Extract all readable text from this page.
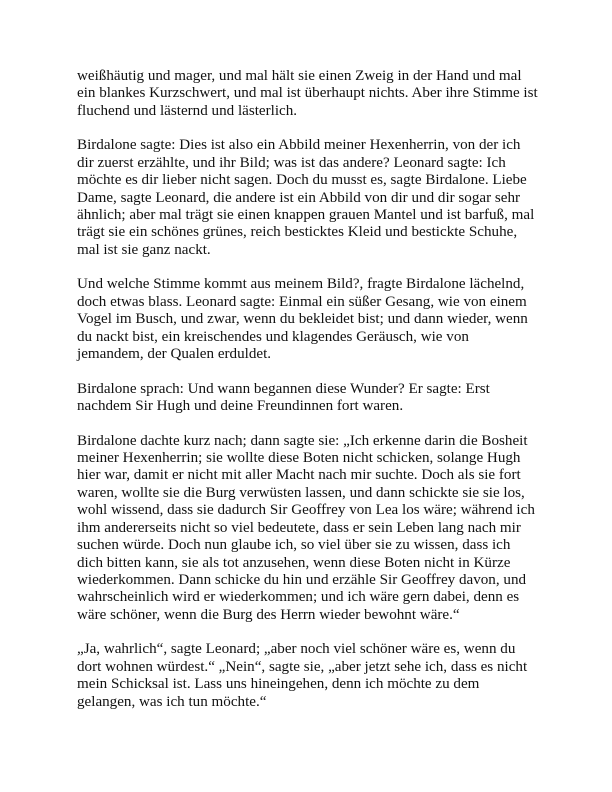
weißhäutig und mager, und mal hält sie einen Zweig in der Hand und mal
ein blankes Kurzschwert, und mal ist überhaupt nichts. Aber ihre Stimme ist
fluchend und lästernd und lästerlich.

Birdalone sagte: Dies ist also ein Abbild meiner Hexenherrin, von der ich
dir zuerst erzählte, und ihr Bild; was ist das andere? Leonard sagte: Ich
möchte es dir lieber nicht sagen. Doch du musst es, sagte Birdalone. Liebe
Dame, sagte Leonard, die andere ist ein Abbild von dir und dir sogar sehr
ähnlich; aber mal trägt sie einen knappen grauen Mantel und ist barfuß, mal
trägt sie ein schönes grünes, reich besticktes Kleid und bestickte Schuhe,
mal ist sie ganz nackt.

Und welche Stimme kommt aus meinem Bild?, fragte Birdalone lächelnd,
doch etwas blass. Leonard sagte: Einmal ein süßer Gesang, wie von einem
Vogel im Busch, und zwar, wenn du bekleidet bist; und dann wieder, wenn
du nackt bist, ein kreischendes und klagendes Geräusch, wie von
jemandem, der Qualen erduldet.

Birdalone sprach: Und wann begannen diese Wunder? Er sagte: Erst
nachdem Sir Hugh und deine Freundinnen fort waren.

Birdalone dachte kurz nach; dann sagte sie: „Ich erkenne darin die Bosheit
meiner Hexenherrin; sie wollte diese Boten nicht schicken, solange Hugh
hier war, damit er nicht mit aller Macht nach mir suchte. Doch als sie fort
waren, wollte sie die Burg verwüsten lassen, und dann schickte sie sie los,
wohl wissend, dass sie dadurch Sir Geoffrey von Lea los wäre; während ich
ihm andererseits nicht so viel bedeutete, dass er sein Leben lang nach mir
suchen würde. Doch nun glaube ich, so viel über sie zu wissen, dass ich
dich bitten kann, sie als tot anzusehen, wenn diese Boten nicht in Kürze
wiederkommen. Dann schicke du hin und erzähle Sir Geoffrey davon, und
wahrscheinlich wird er wiederkommen; und ich wäre gern dabei, denn es
wäre schöner, wenn die Burg des Herrn wieder bewohnt wäre.“

„Ja, wahrlich“, sagte Leonard; „aber noch viel schöner wäre es, wenn du
dort wohnen würdest.“ „Nein“, sagte sie, „aber jetzt sehe ich, dass es nicht
mein Schicksal ist. Lass uns hineingehen, denn ich möchte zu dem
gelangen, was ich tun möchte.“
